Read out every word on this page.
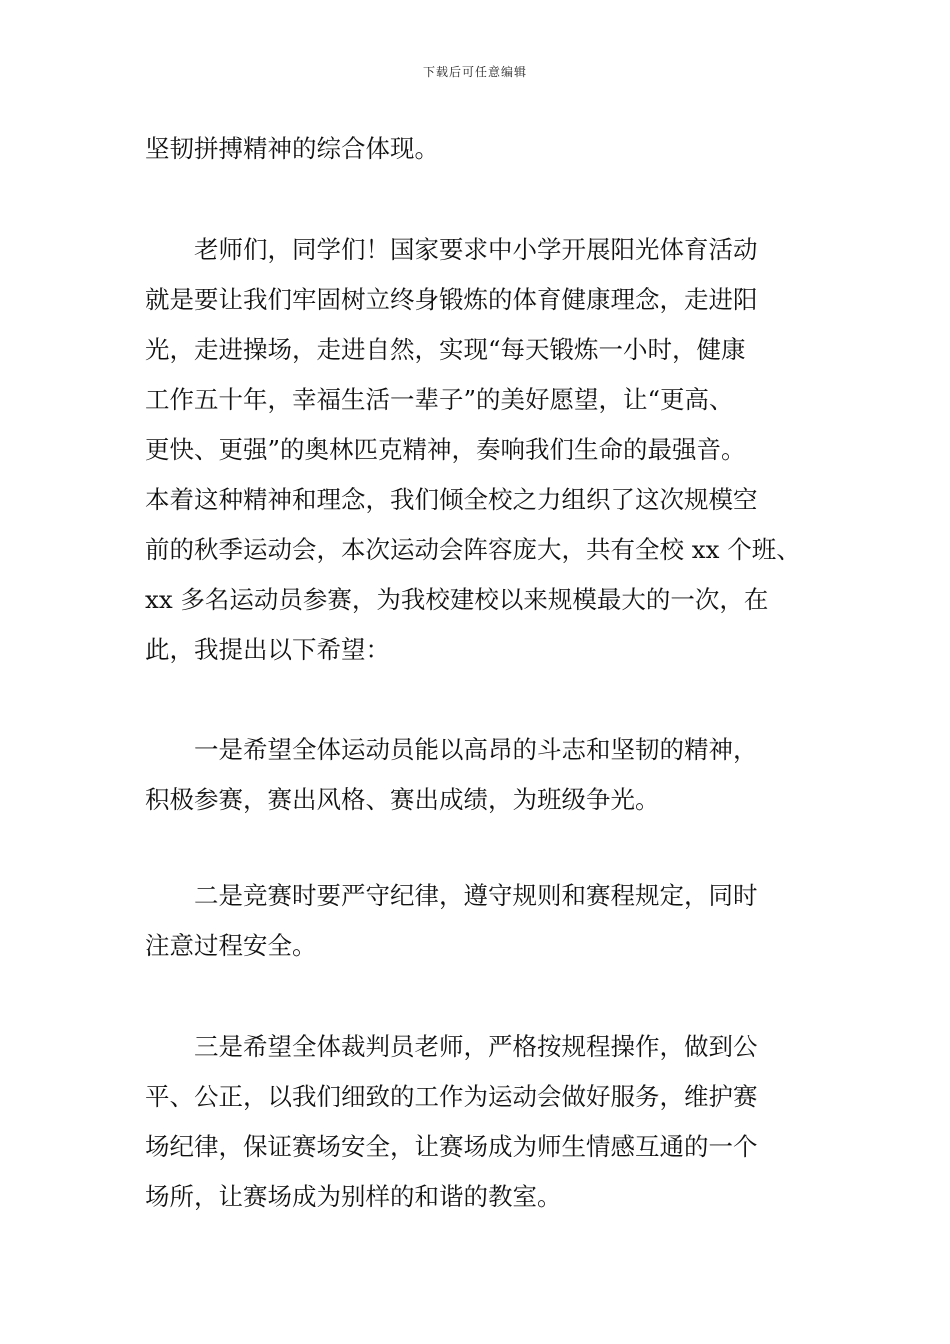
下载后可任意编辑
坚韧拼搏精神的综合体现。
　　老师们，同学们！国家要求中小学开展阳光体育活动
就是要让我们牢固树立终身锻炼的体育健康理念，走进阳
光，走进操场，走进自然，实现“每天锻炼一小时，健康
工作五十年，幸福生活一辈子”的美好愿望，让“更高、
更快、更强”的奥林匹克精神，奏响我们生命的最强音。
本着这种精神和理念，我们倾全校之力组织了这次规模空
前的秋季运动会，本次运动会阵容庞大，共有全校 xx 个班、
xx 多名运动员参赛，为我校建校以来规模最大的一次，在
此，我提出以下希望：
　　一是希望全体运动员能以高昂的斗志和坚韧的精神，
积极参赛，赛出风格、赛出成绩，为班级争光。
　　二是竞赛时要严守纪律，遵守规则和赛程规定，同时
注意过程安全。
　　三是希望全体裁判员老师，严格按规程操作，做到公
平、公正，以我们细致的工作为运动会做好服务，维护赛
场纪律，保证赛场安全，让赛场成为师生情感互通的一个
场所，让赛场成为别样的和谐的教室。
